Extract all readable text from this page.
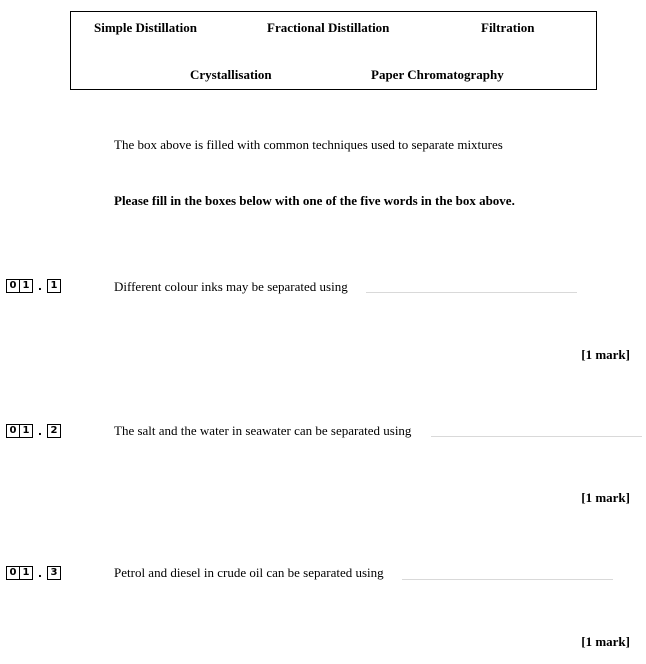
Simple Distillation	Fractional Distillation	Filtration
Crystallisation	Paper Chromatography
The box above is filled with common techniques used to separate mixtures
Please fill in the boxes below with one of the five words in the box above.
0 1 . 1	Different colour inks may be separated using
[1 mark]
0 1 . 2	The salt and the water in seawater can be separated using
[1 mark]
0 1 . 3	Petrol and diesel in crude oil can be separated using
[1 mark]
